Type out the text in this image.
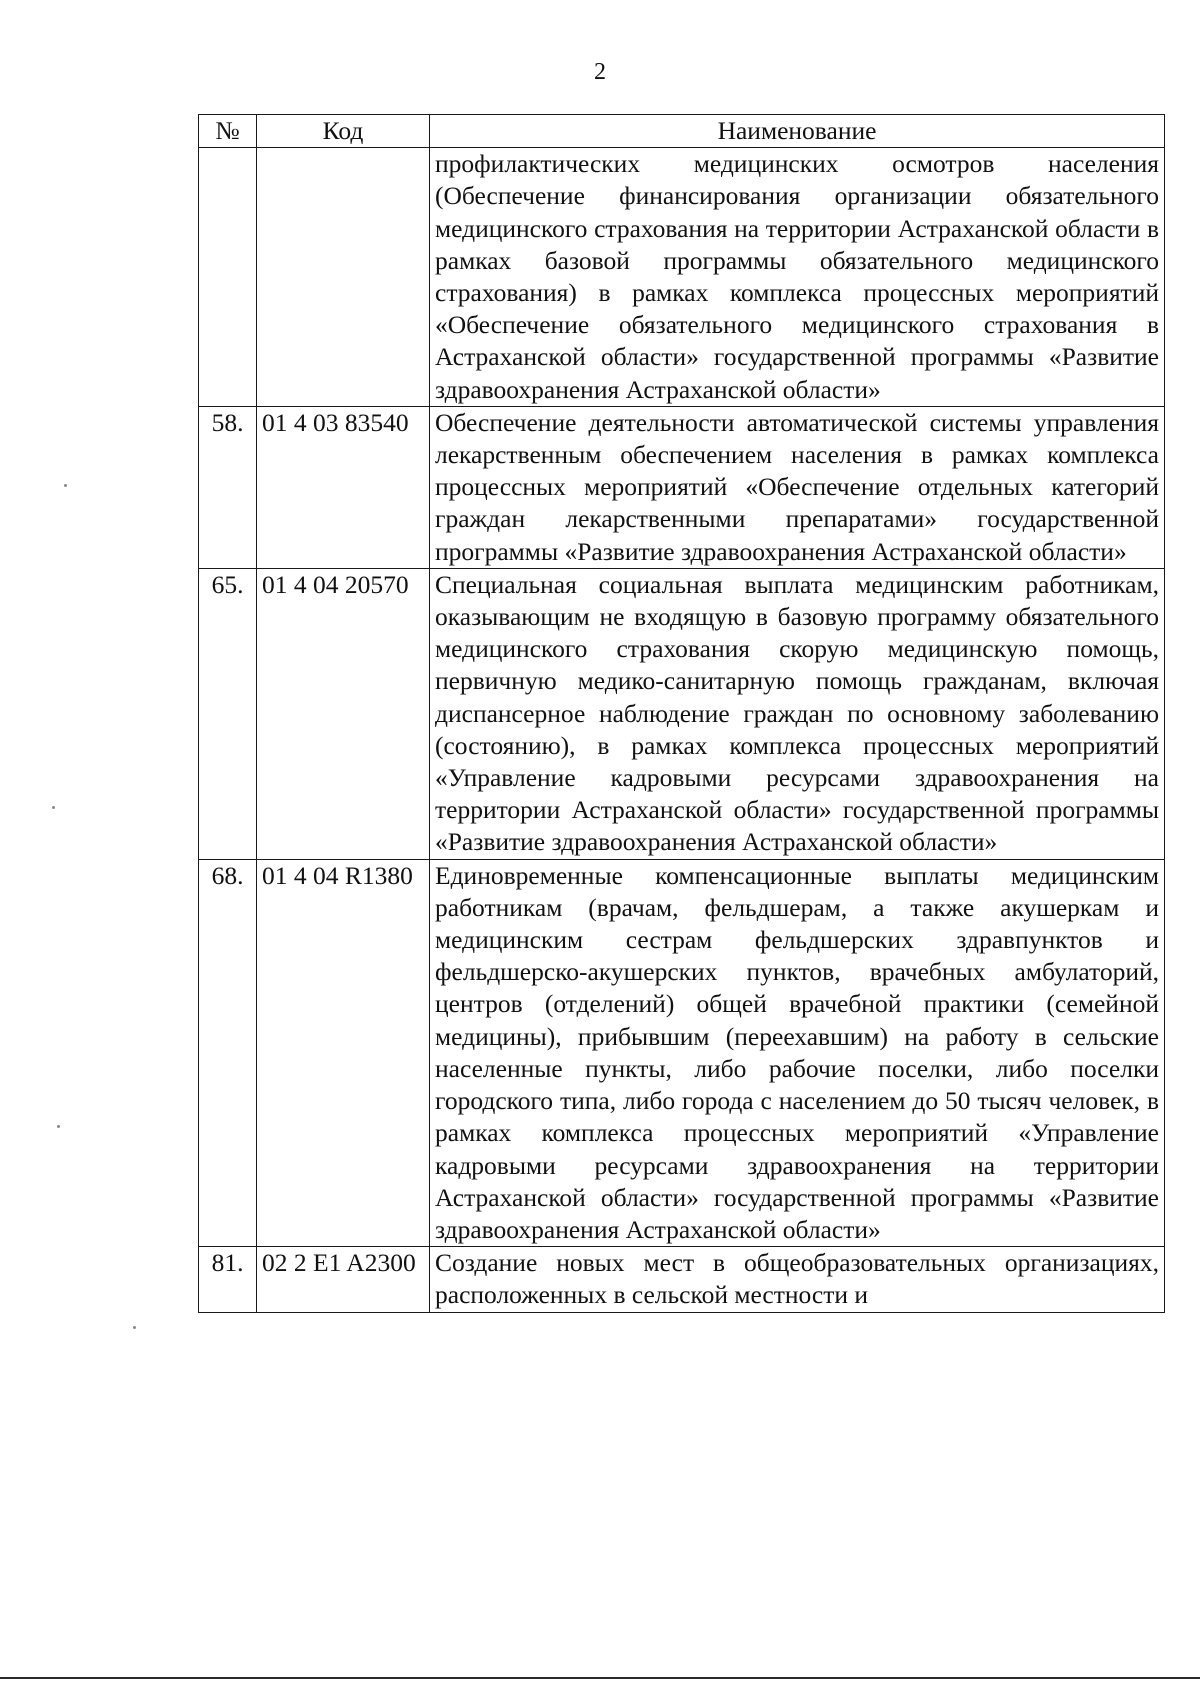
2
№	Код	Наименование
		профилактических медицинских осмотров населения (Обеспечение финансирования организации обязательного медицинского страхования на территории Астраханской области в рамках базовой программы обязательного медицинского страхования) в рамках комплекса процессных мероприятий «Обеспечение обязательного медицинского страхования в Астраханской области» государственной программы «Развитие здравоохранения Астраханской области»
58.	01 4 03 83540	Обеспечение деятельности автоматической системы управления лекарственным обеспечением населения в рамках комплекса процессных мероприятий «Обеспечение отдельных категорий граждан лекарственными препаратами» государственной программы «Развитие здравоохранения Астраханской области»
65.	01 4 04 20570	Специальная социальная выплата медицинским работникам, оказывающим не входящую в базовую программу обязательного медицинского страхования скорую медицинскую помощь, первичную медико-санитарную помощь гражданам, включая диспансерное наблюдение граждан по основному заболеванию (состоянию), в рамках комплекса процессных мероприятий «Управление кадровыми ресурсами здравоохранения на территории Астраханской области» государственной программы «Развитие здравоохранения Астраханской области»
68.	01 4 04 R1380	Единовременные компенсационные выплаты медицинским работникам (врачам, фельдшерам, а также акушеркам и медицинским сестрам фельдшерских здравпунктов и фельдшерско-акушерских пунктов, врачебных амбулаторий, центров (отделений) общей врачебной практики (семейной медицины), прибывшим (переехавшим) на работу в сельские населенные пункты, либо рабочие поселки, либо поселки городского типа, либо города с населением до 50 тысяч человек, в рамках комплекса процессных мероприятий «Управление кадровыми ресурсами здравоохранения на территории Астраханской области» государственной программы «Развитие здравоохранения Астраханской области»
81.	02 2 E1 A2300	Создание новых мест в общеобразовательных организациях, расположенных в сельской местности и
